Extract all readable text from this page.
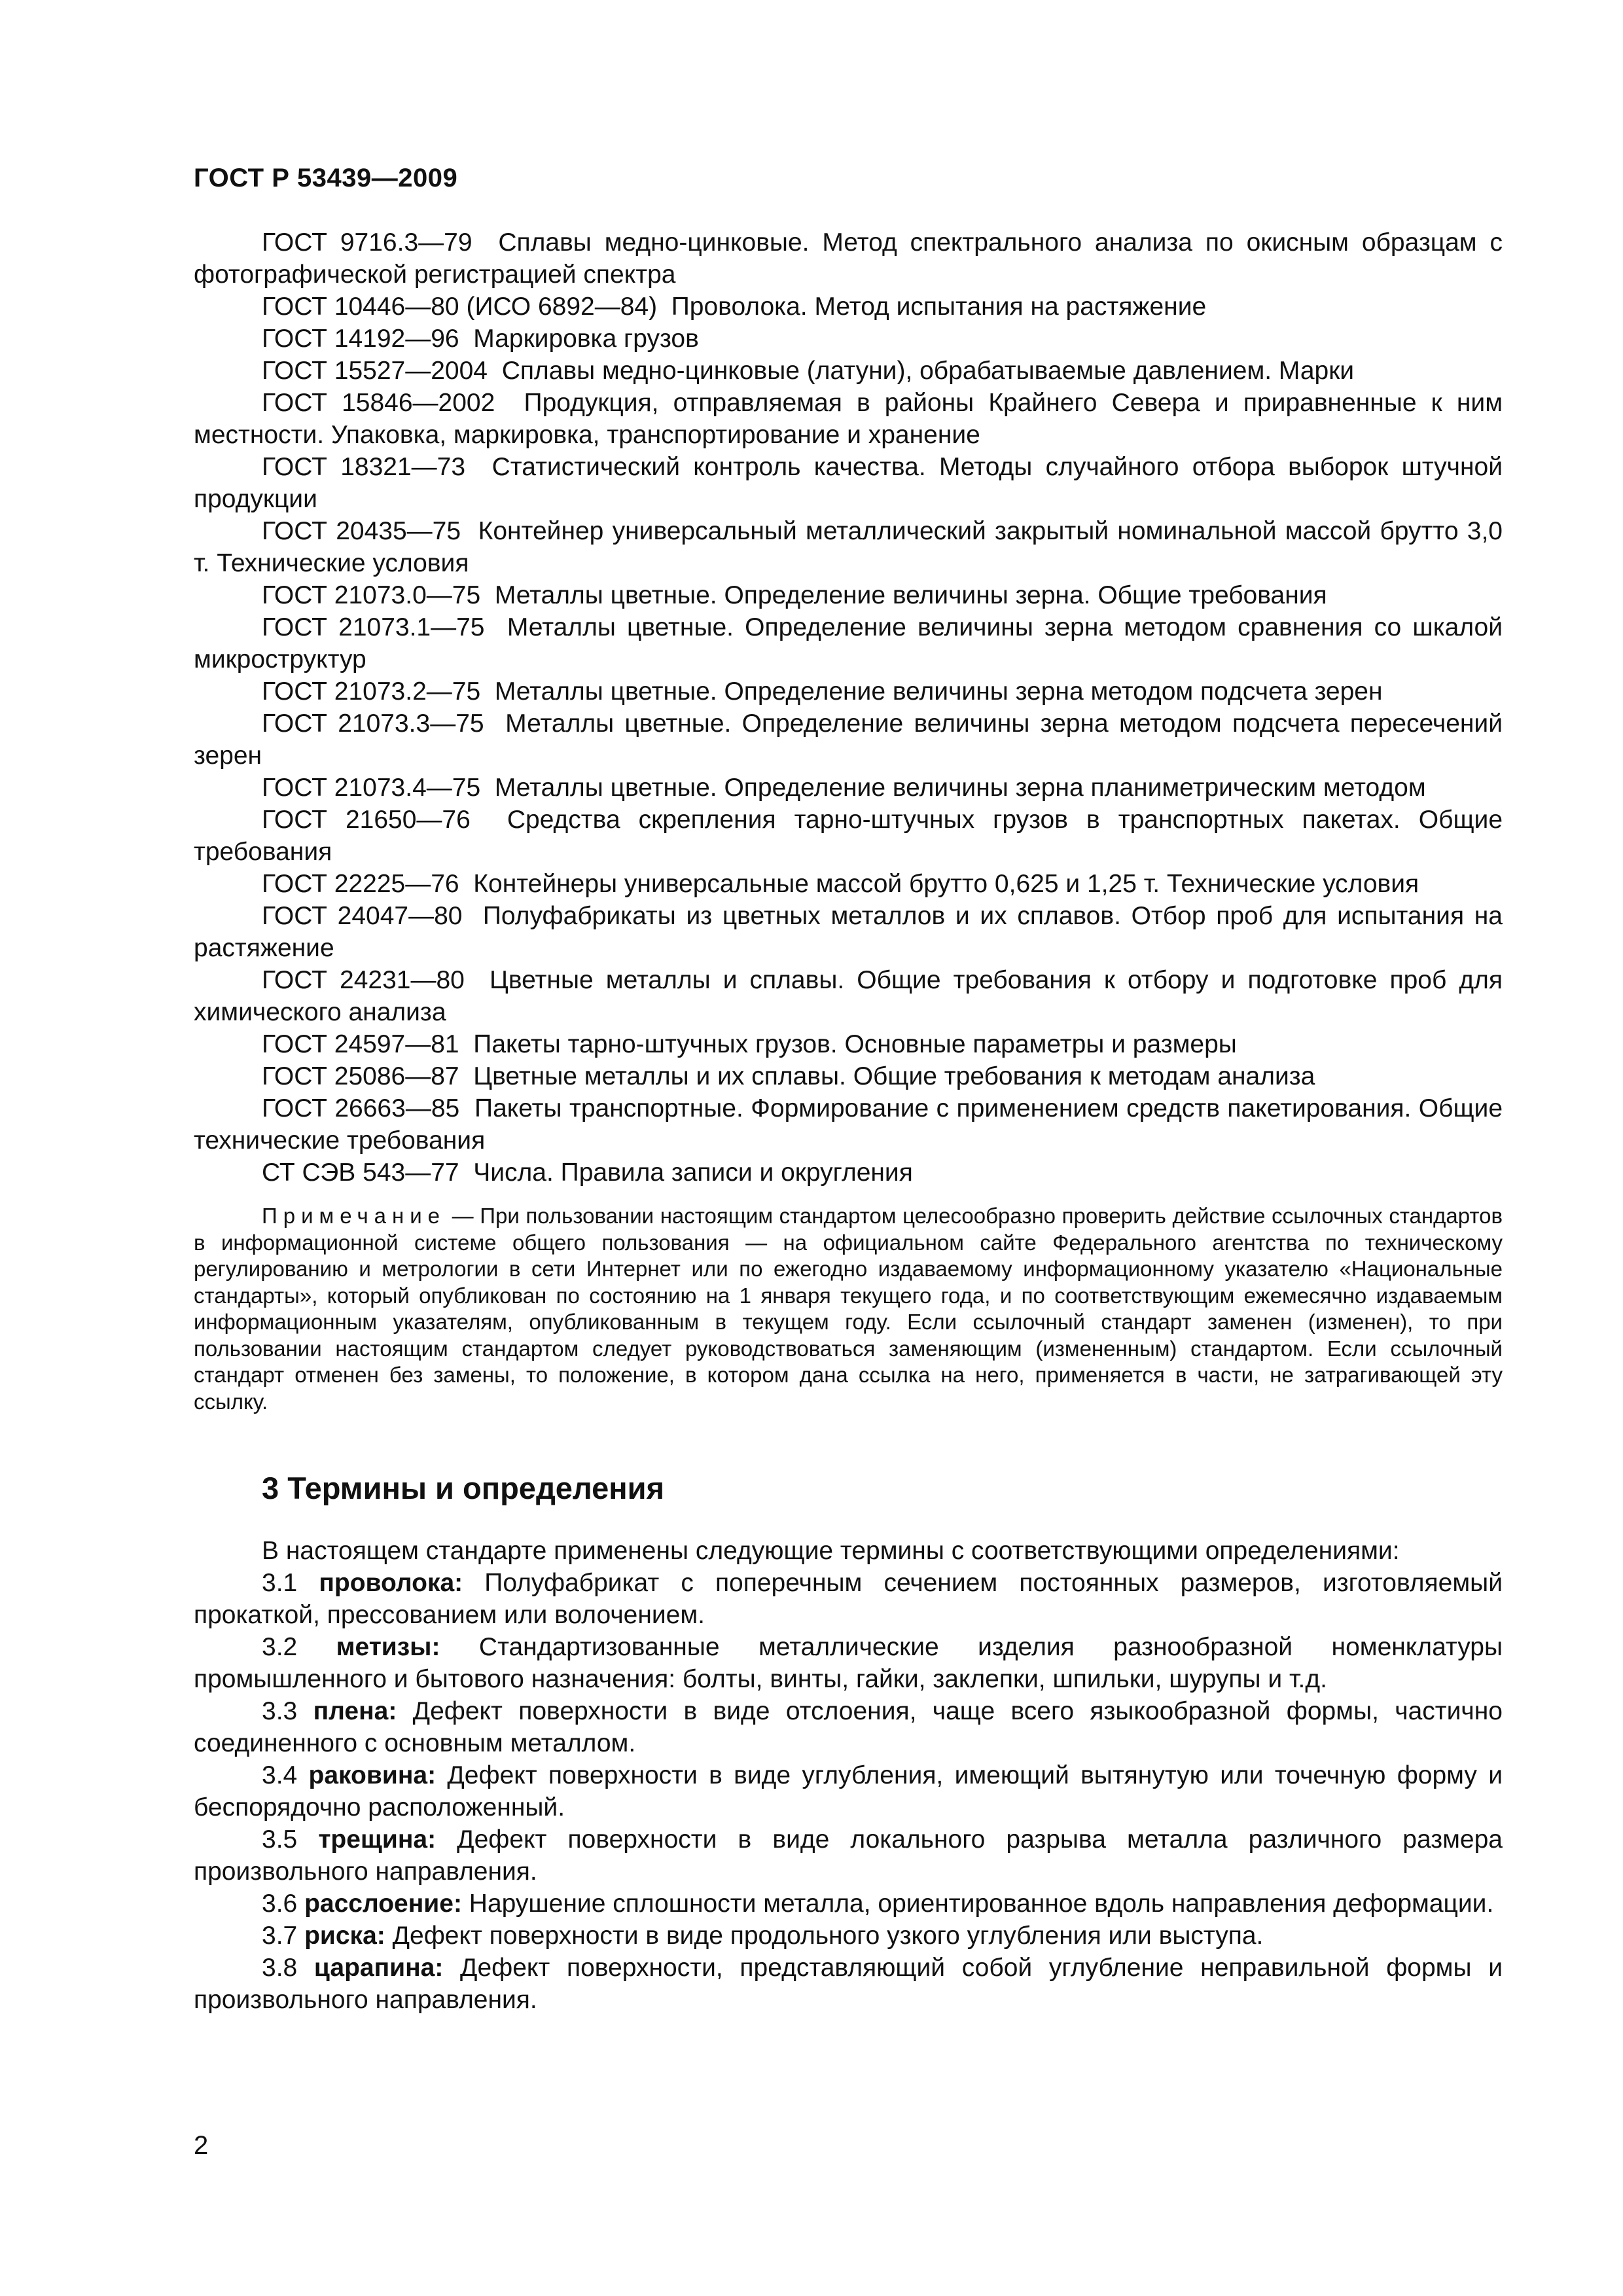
ГОСТ Р 53439—2009

ГОСТ 9716.3—79 Сплавы медно-цинковые. Метод спектрального анализа по окисным образцам с фотографической регистрацией спектра

ГОСТ 10446—80 (ИСО 6892—84) Проволока. Метод испытания на растяжение

ГОСТ 14192—96 Маркировка грузов

ГОСТ 15527—2004 Сплавы медно-цинковые (латуни), обрабатываемые давлением. Марки

ГОСТ 15846—2002 Продукция, отправляемая в районы Крайнего Севера и приравненные к ним местности. Упаковка, маркировка, транспортирование и хранение

ГОСТ 18321—73 Статистический контроль качества. Методы случайного отбора выборок штучной продукции

ГОСТ 20435—75 Контейнер универсальный металлический закрытый номинальной массой брутто 3,0 т. Технические условия

ГОСТ 21073.0—75 Металлы цветные. Определение величины зерна. Общие требования

ГОСТ 21073.1—75 Металлы цветные. Определение величины зерна методом сравнения со шкалой микроструктур

ГОСТ 21073.2—75 Металлы цветные. Определение величины зерна методом подсчета зерен

ГОСТ 21073.3—75 Металлы цветные. Определение величины зерна методом подсчета пересечений зерен

ГОСТ 21073.4—75 Металлы цветные. Определение величины зерна планиметрическим методом

ГОСТ 21650—76 Средства скрепления тарно-штучных грузов в транспортных пакетах. Общие требования

ГОСТ 22225—76 Контейнеры универсальные массой брутто 0,625 и 1,25 т. Технические условия

ГОСТ 24047—80 Полуфабрикаты из цветных металлов и их сплавов. Отбор проб для испытания на растяжение

ГОСТ 24231—80 Цветные металлы и сплавы. Общие требования к отбору и подготовке проб для химического анализа

ГОСТ 24597—81 Пакеты тарно-штучных грузов. Основные параметры и размеры

ГОСТ 25086—87 Цветные металлы и их сплавы. Общие требования к методам анализа

ГОСТ 26663—85 Пакеты транспортные. Формирование с применением средств пакетирования. Общие технические требования

СТ СЭВ 543—77 Числа. Правила записи и округления

Примечание — При пользовании настоящим стандартом целесообразно проверить действие ссылочных стандартов в информационной системе общего пользования — на официальном сайте Федерального агентства по техническому регулированию и метрологии в сети Интернет или по ежегодно издаваемому информационному указателю «Национальные стандарты», который опубликован по состоянию на 1 января текущего года, и по соответствующим ежемесячно издаваемым информационным указателям, опубликованным в текущем году. Если ссылочный стандарт заменен (изменен), то при пользовании настоящим стандартом следует руководствоваться заменяющим (измененным) стандартом. Если ссылочный стандарт отменен без замены, то положение, в котором дана ссылка на него, применяется в части, не затрагивающей эту ссылку.
3 Термины и определения

В настоящем стандарте применены следующие термины с соответствующими определениями:

3.1 проволока: Полуфабрикат с поперечным сечением постоянных размеров, изготовляемый прокаткой, прессованием или волочением.

3.2 метизы: Стандартизованные металлические изделия разнообразной номенклатуры промышленного и бытового назначения: болты, винты, гайки, заклепки, шпильки, шурупы и т.д.

3.3 плена: Дефект поверхности в виде отслоения, чаще всего языкообразной формы, частично соединенного с основным металлом.

3.4 раковина: Дефект поверхности в виде углубления, имеющий вытянутую или точечную форму и беспорядочно расположенный.

3.5 трещина: Дефект поверхности в виде локального разрыва металла различного размера произвольного направления.

3.6 расслоение: Нарушение сплошности металла, ориентированное вдоль направления деформации.

3.7 риска: Дефект поверхности в виде продольного узкого углубления или выступа.

3.8 царапина: Дефект поверхности, представляющий собой углубление неправильной формы и произвольного направления.

2
